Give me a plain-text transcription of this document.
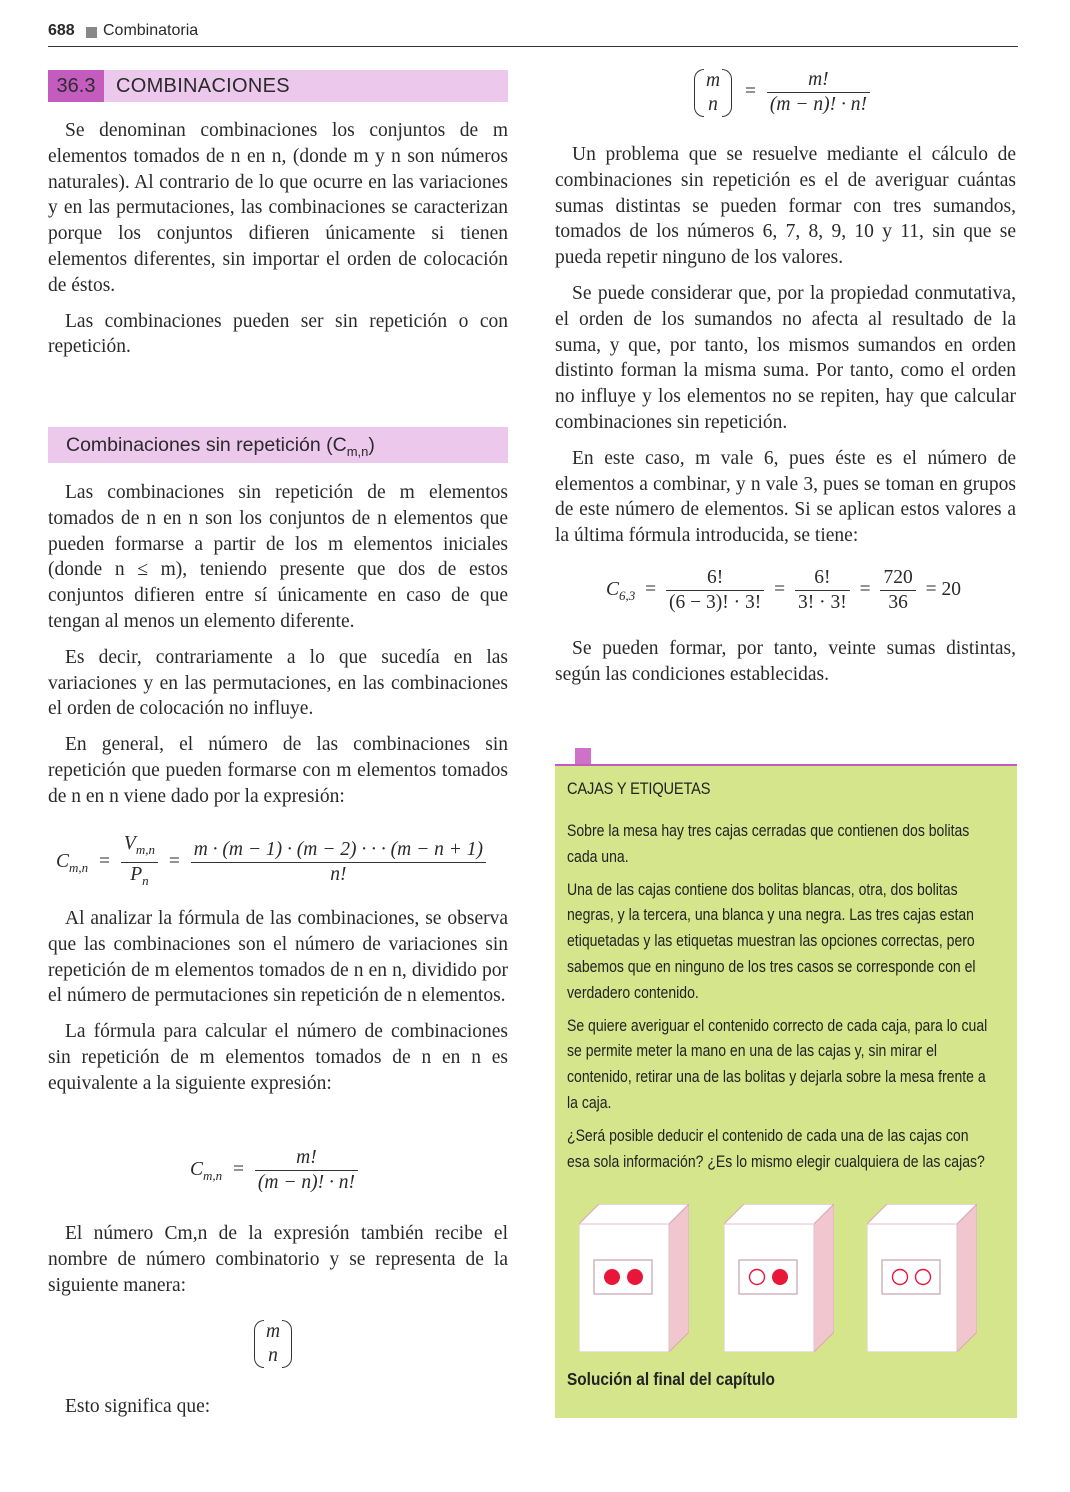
688 Combinatoria
36.3	COMBINACIONES

Se denominan combinaciones los conjuntos de m elementos tomados de n en n, (donde m y n son números naturales). Al contrario de lo que ocurre en las variaciones y en las permutaciones, las combinaciones se caracterizan porque los conjuntos difieren únicamente si tienen elementos diferentes, sin importar el orden de colocación de éstos.

Las combinaciones pueden ser sin repetición o con repetición.

Combinaciones sin repetición $(C_{m,n})$

Las combinaciones sin repetición de m elementos tomados de n en n son los conjuntos de n elementos que pueden formarse a partir de los m elementos iniciales (donde n ≤ m), teniendo presente que dos de estos conjuntos difieren entre sí únicamente en caso de que tengan al menos un elemento diferente.

Es decir, contrariamente a lo que sucedía en las variaciones y en las permutaciones, en las combinaciones el orden de colocación no influye.

En general, el número de las combinaciones sin repetición que pueden formarse con m elementos tomados de n en n viene dado por la expresión:

$C_{m,n} = \frac{V_{m,n}}{P_n} = \frac{m \cdot (m - 1) \cdot (m - 2) \cdot \cdot \cdot (m - n + 1)}{n!}$

Al analizar la fórmula de las combinaciones, se observa que las combinaciones son el número de variaciones sin repetición de m elementos tomados de n en n, dividido por el número de permutaciones sin repetición de n elementos.

La fórmula para calcular el número de combinaciones sin repetición de m elementos tomados de n en n es equivalente a la siguiente expresión:

$C_{m,n} = \frac{m!}{(m - n)! \cdot n!}$

El número Cm,n de la expresión también recibe el nombre de número combinatorio y se representa de la siguiente manera:

m
n

Esto significa que:

m
n
= $\frac{m!}{(m - n)! \cdot n!}$

Un problema que se resuelve mediante el cálculo de combinaciones sin repetición es el de averiguar cuántas sumas distintas se pueden formar con tres sumandos, tomados de los números 6, 7, 8, 9, 10 y 11, sin que se pueda repetir ninguno de los valores.

Se puede considerar que, por la propiedad conmutativa, el orden de los sumandos no afecta al resultado de la suma, y que, por tanto, los mismos sumandos en orden distinto forman la misma suma. Por tanto, como el orden no influye y los elementos no se repiten, hay que calcular combinaciones sin repetición.

En este caso, m vale 6, pues éste es el número de elementos a combinar, y n vale 3, pues se toman en grupos de este número de elementos. Si se aplican estos valores a la última fórmula introducida, se tiene:

$C_{6,3} = \frac{6!}{(6 - 3)! \cdot 3!} = \frac{6!}{3! \cdot 3!} = \frac{720}{36} = 20$

Se pueden formar, por tanto, veinte sumas distintas, según las condiciones establecidas.

CAJAS Y ETIQUETAS

Sobre la mesa hay tres cajas cerradas que contienen dos bolitas cada una.

Una de las cajas contiene dos bolitas blancas, otra, dos bolitas negras, y la tercera, una blanca y una negra. Las tres cajas estan etiquetadas y las etiquetas muestran las opciones correctas, pero sabemos que en ninguno de los tres casos se corresponde con el verdadero contenido.

Se quiere averiguar el contenido correcto de cada caja, para lo cual se permite meter la mano en una de las cajas y, sin mirar el contenido, retirar una de las bolitas y dejarla sobre la mesa frente a la caja.

¿Será posible deducir el contenido de cada una de las cajas con esa sola información? ¿Es lo mismo elegir cualquiera de las cajas?

Solución al final del capítulo
